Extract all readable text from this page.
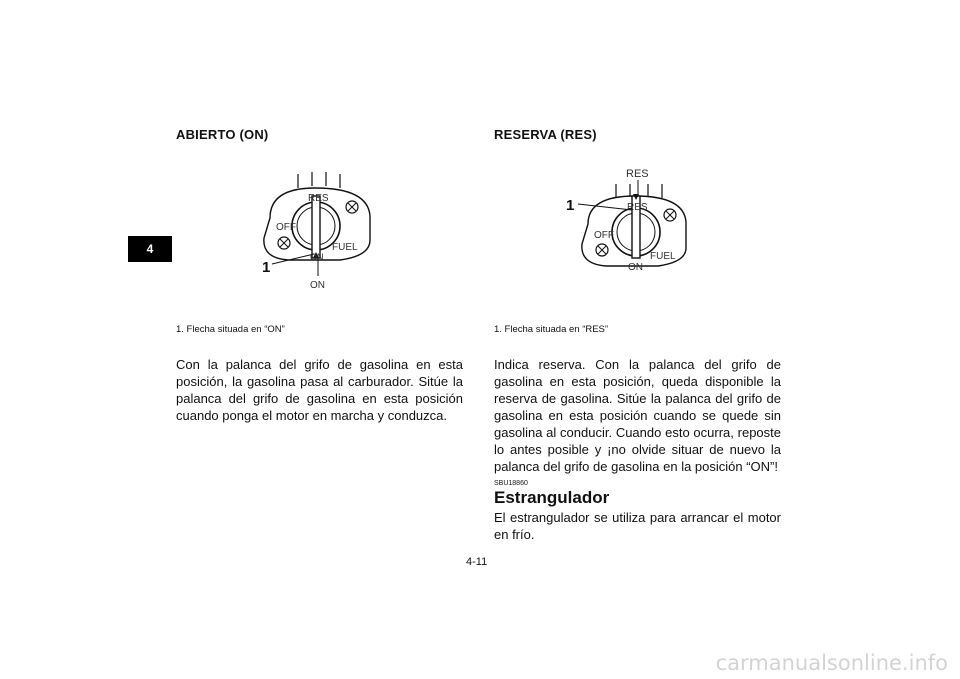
4
ABIERTO (ON)
RES
OFF
FUEL
ON
ON
1
1. Flecha situada en “ON”
Con la palanca del grifo de gasolina en esta posición, la gasolina pasa al carburador. Sitúe la palanca del grifo de gasolina en esta posición cuando ponga el motor en marcha y conduzca.
RESERVA (RES)
RES
RES
OFF
FUEL
ON
1
1. Flecha situada en “RES”
Indica reserva. Con la palanca del grifo de gasolina en esta posición, queda disponible la reserva de gasolina. Sitúe la palanca del grifo de gasolina en esta posición cuando se quede sin gasolina al conducir. Cuando esto ocurra, reposte lo antes posible y ¡no olvide situar de nuevo la palanca del grifo de gasolina en la posición “ON”!
SBU18860
Estrangulador
El estrangulador se utiliza para arrancar el motor en frío.
4-11
carmanualsonline.info
